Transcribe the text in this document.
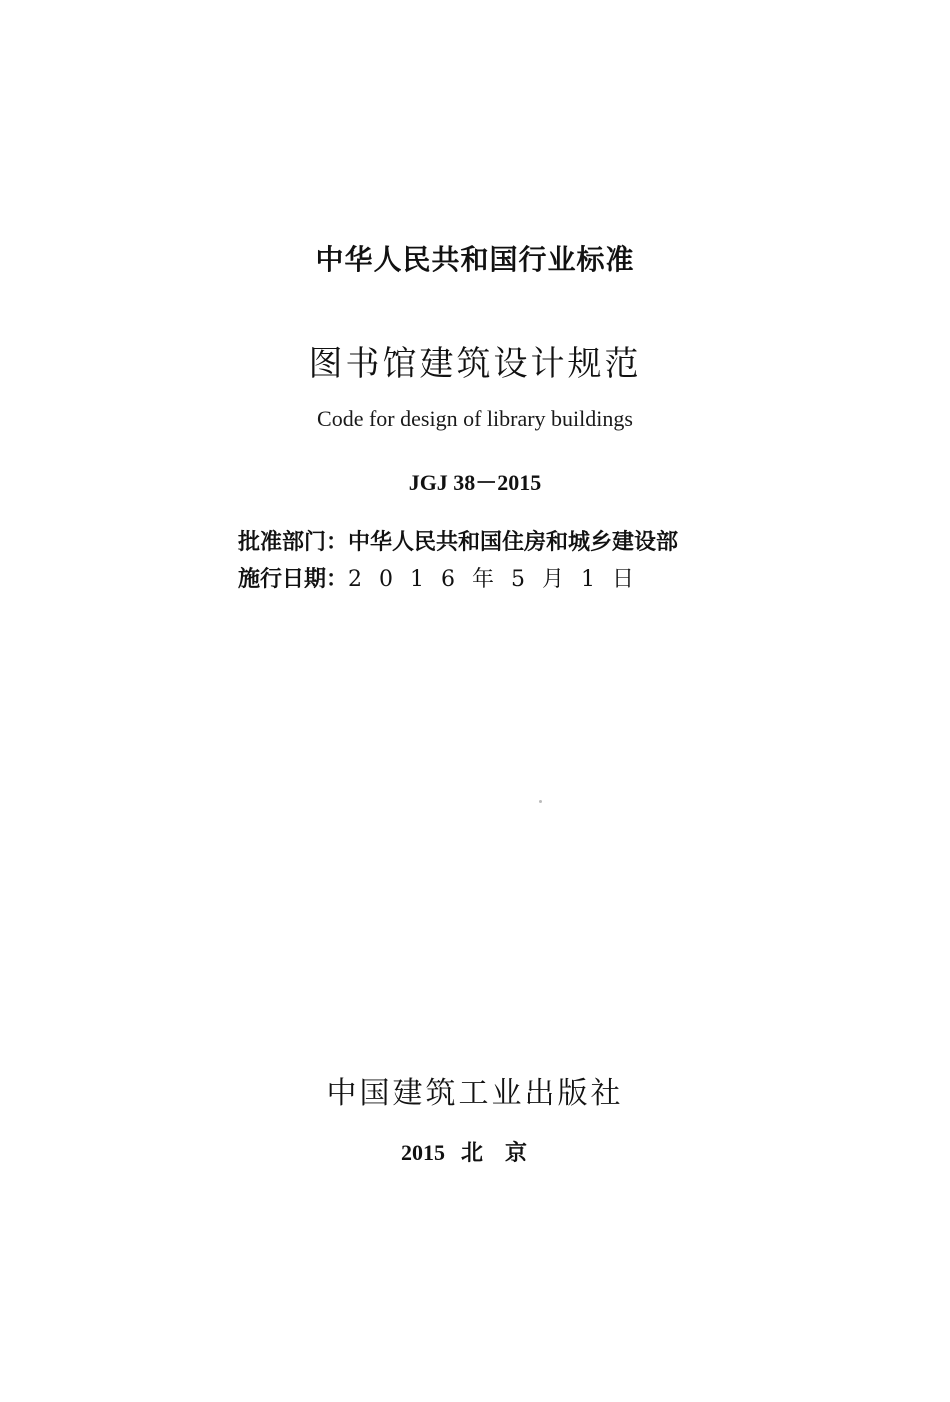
中华人民共和国行业标准
图书馆建筑设计规范
Code for design of library buildings
JGJ 38－2015
批准部门：中华人民共和国住房和城乡建设部
施行日期：2016年5月1日
中国建筑工业出版社
2015 北京
